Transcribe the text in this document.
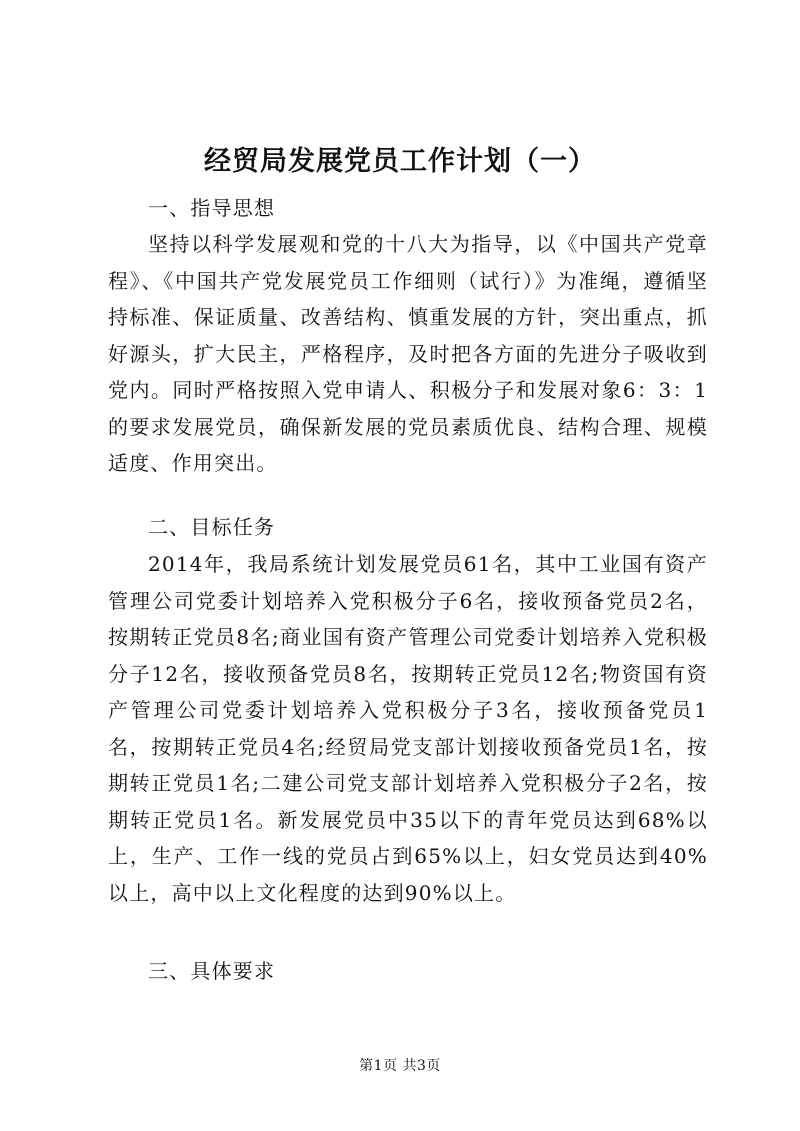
经贸局发展党员工作计划（一）

一、指导思想

坚持以科学发展观和党的十八大为指导，以《中国共产党章程》、《中国共产党发展党员工作细则（试行）》为准绳，遵循坚持标准、保证质量、改善结构、慎重发展的方针，突出重点，抓好源头，扩大民主，严格程序，及时把各方面的先进分子吸收到党内。同时严格按照入党申请人、积极分子和发展对象6：3：1的要求发展党员，确保新发展的党员素质优良、结构合理、规模适度、作用突出。

二、目标任务

2014年，我局系统计划发展党员61名，其中工业国有资产管理公司党委计划培养入党积极分子6名，接收预备党员2名，按期转正党员8名;商业国有资产管理公司党委计划培养入党积极分子12名，接收预备党员8名，按期转正党员12名;物资国有资产管理公司党委计划培养入党积极分子3名，接收预备党员1名，按期转正党员4名;经贸局党支部计划接收预备党员1名，按期转正党员1名;二建公司党支部计划培养入党积极分子2名，按期转正党员1名。新发展党员中35以下的青年党员达到68%以上，生产、工作一线的党员占到65%以上，妇女党员达到40%以上，高中以上文化程度的达到90%以上。

三、具体要求

第1页 共3页
